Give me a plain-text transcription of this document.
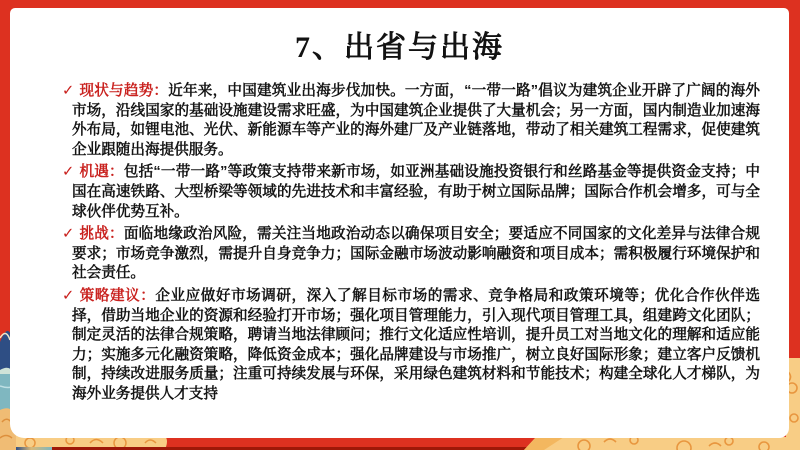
7、出省与出海
✓ 现状与趋势：近年来，中国建筑业出海步伐加快。一方面，“一带一路”倡议为建筑企业开辟了广阔的海外市场，沿线国家的基础设施建设需求旺盛，为中国建筑企业提供了大量机会；另一方面，国内制造业加速海外布局，如锂电池、光伏、新能源车等产业的海外建厂及产业链落地，带动了相关建筑工程需求，促使建筑企业跟随出海提供服务。
✓ 机遇：包括“一带一路”等政策支持带来新市场，如亚洲基础设施投资银行和丝路基金等提供资金支持；中国在高速铁路、大型桥梁等领域的先进技术和丰富经验，有助于树立国际品牌；国际合作机会增多，可与全球伙伴优势互补。
✓ 挑战：面临地缘政治风险，需关注当地政治动态以确保项目安全；要适应不同国家的文化差异与法律合规要求；市场竞争激烈，需提升自身竞争力；国际金融市场波动影响融资和项目成本；需积极履行环境保护和社会责任。
✓ 策略建议：企业应做好市场调研，深入了解目标市场的需求、竞争格局和政策环境等；优化合作伙伴选择，借助当地企业的资源和经验打开市场；强化项目管理能力，引入现代项目管理工具，组建跨文化团队；制定灵活的法律合规策略，聘请当地法律顾问；推行文化适应性培训，提升员工对当地文化的理解和适应能力；实施多元化融资策略，降低资金成本；强化品牌建设与市场推广，树立良好国际形象；建立客户反馈机制，持续改进服务质量；注重可持续发展与环保，采用绿色建筑材料和节能技术；构建全球化人才梯队，为海外业务提供人才支持
